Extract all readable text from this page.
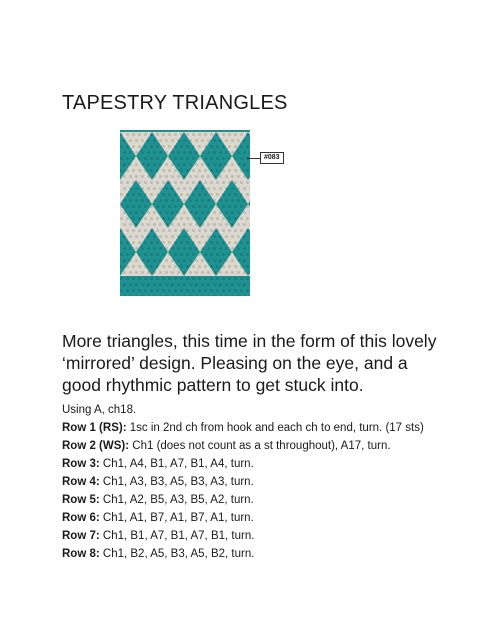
TAPESTRY TRIANGLES
#083

More triangles, this time in the form of this lovely ‘mirrored’ design. Pleasing on the eye, and a good rhythmic pattern to get stuck into.

Using A, ch18.

Row 1 (RS): 1sc in 2nd ch from hook and each ch to end, turn. (17 sts)

Row 2 (WS): Ch1 (does not count as a st throughout), A17, turn.

Row 3: Ch1, A4, B1, A7, B1, A4, turn.

Row 4: Ch1, A3, B3, A5, B3, A3, turn.

Row 5: Ch1, A2, B5, A3, B5, A2, turn.

Row 6: Ch1, A1, B7, A1, B7, A1, turn.

Row 7: Ch1, B1, A7, B1, A7, B1, turn.

Row 8: Ch1, B2, A5, B3, A5, B2, turn.
